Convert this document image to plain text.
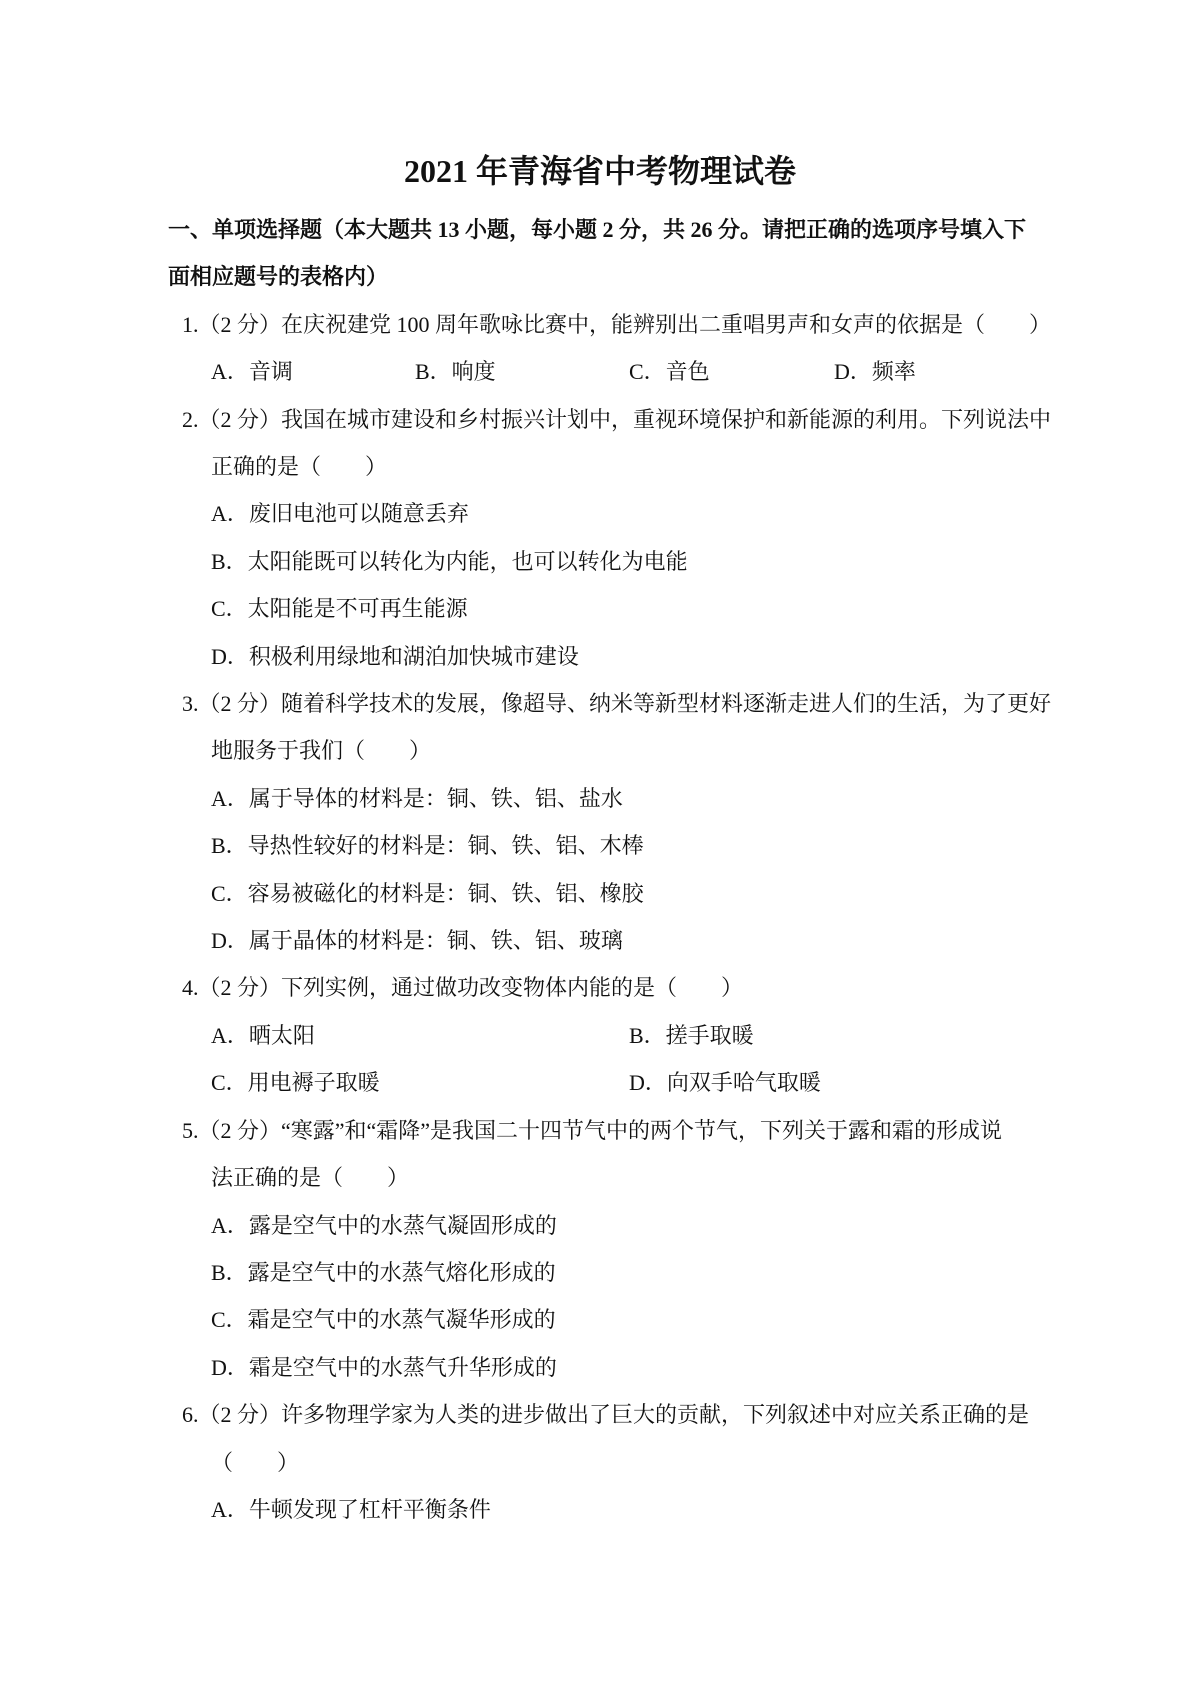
2021 年青海省中考物理试卷
一、单项选择题（本大题共 13 小题，每小题 2 分，共 26 分。请把正确的选项序号填入下
面相应题号的表格内）
1.（2 分）在庆祝建党 100 周年歌咏比赛中，能辨别出二重唱男声和女声的依据是（　　）
A．音调	B．响度	C．音色	D．频率
2.（2 分）我国在城市建设和乡村振兴计划中，重视环境保护和新能源的利用。下列说法中
正确的是（　　）
A．废旧电池可以随意丢弃
B．太阳能既可以转化为内能，也可以转化为电能
C．太阳能是不可再生能源
D．积极利用绿地和湖泊加快城市建设
3.（2 分）随着科学技术的发展，像超导、纳米等新型材料逐渐走进人们的生活，为了更好
地服务于我们（　　）
A．属于导体的材料是：铜、铁、铝、盐水
B．导热性较好的材料是：铜、铁、铝、木棒
C．容易被磁化的材料是：铜、铁、铝、橡胶
D．属于晶体的材料是：铜、铁、铝、玻璃
4.（2 分）下列实例，通过做功改变物体内能的是（　　）
A．晒太阳	B．搓手取暖
C．用电褥子取暖	D．向双手哈气取暖
5.（2 分）“寒露”和“霜降”是我国二十四节气中的两个节气，下列关于露和霜的形成说
法正确的是（　　）
A．露是空气中的水蒸气凝固形成的
B．露是空气中的水蒸气熔化形成的
C．霜是空气中的水蒸气凝华形成的
D．霜是空气中的水蒸气升华形成的
6.（2 分）许多物理学家为人类的进步做出了巨大的贡献，下列叙述中对应关系正确的是
（　　）
A．牛顿发现了杠杆平衡条件
